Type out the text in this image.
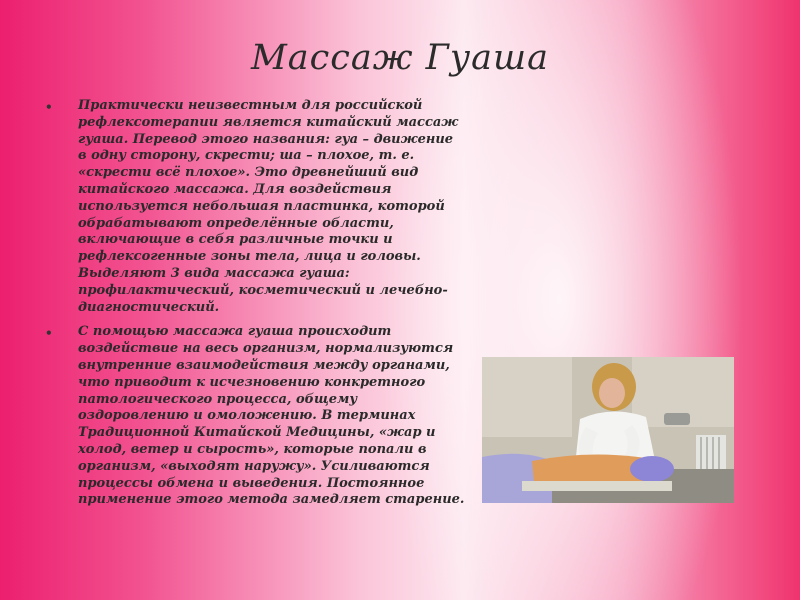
Массаж Гуаша
• Практически неизвестным для российской рефлексотерапии является китайский массаж гуаша. Перевод этого названия: гуа – движение в одну сторону, скрести; ша – плохое, т. е. «скрести всё плохое». Это древнейший вид китайского массажа. Для воздействия используется небольшая пластинка, которой обрабатывают определённые области, включающие в себя различные точки и рефлексогенные зоны тела, лица и головы. Выделяют 3 вида массажа гуаша: профилактический, косметический и лечебно-диагностический.
• С помощью массажа гуаша происходит воздействие на весь организм, нормализуются внутренние взаимодействия между органами, что приводит к исчезновению конкретного патологического процесса, общему оздоровлению и омоложению. В терминах Традиционной Китайской Медицины, «жар и холод, ветер и сырость», которые попали в организм, «выходят наружу». Усиливаются процессы обмена и выведения. Постоянное применение этого метода замедляет старение.
